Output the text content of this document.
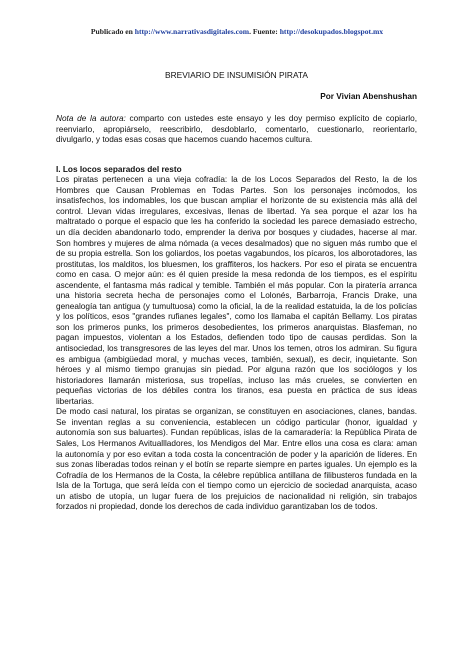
Publicado en http://www.narrativasdigitales.com. Fuente: http://desokupados.blogspot.mx
BREVIARIO DE INSUMISIÓN PIRATA
Por Vivian Abenshushan

Nota de la autora: comparto con ustedes este ensayo y les doy permiso explícito de copiarlo, reenviarlo, apropiárselo, reescribirlo, desdoblarlo, comentarlo, cuestionarlo, reorientarlo, divulgarlo, y todas esas cosas que hacemos cuando hacemos cultura.

I. Los locos separados del resto

Los piratas pertenecen a una vieja cofradía: la de los Locos Separados del Resto, la de los Hombres que Causan Problemas en Todas Partes. Son los personajes incómodos, los insatisfechos, los indomables, los que buscan ampliar el horizonte de su existencia más allá del control. Llevan vidas irregulares, excesivas, llenas de libertad. Ya sea porque el azar los ha maltratado o porque el espacio que les ha conferido la sociedad les parece demasiado estrecho, un día deciden abandonarlo todo, emprender la deriva por bosques y ciudades, hacerse al mar. Son hombres y mujeres de alma nómada (a veces desalmados) que no siguen más rumbo que el de su propia estrella. Son los goliardos, los poetas vagabundos, los pícaros, los alborotadores, las prostitutas, los malditos, los bluesmen, los graffiteros, los hackers. Por eso el pirata se encuentra como en casa. O mejor aún: es él quien preside la mesa redonda de los tiempos, es el espíritu ascendente, el fantasma más radical y temible. También el más popular. Con la piratería arranca una historia secreta hecha de personajes como el Lolonés, Barbarroja, Francis Drake, una genealogía tan antigua (y tumultuosa) como la oficial, la de la realidad estatuida, la de los policías y los políticos, esos "grandes rufianes legales", como los llamaba el capitán Bellamy. Los piratas son los primeros punks, los primeros desobedientes, los primeros anarquistas. Blasfeman, no pagan impuestos, violentan a los Estados, defienden todo tipo de causas perdidas. Son la antisociedad, los transgresores de las leyes del mar. Unos los temen, otros los admiran. Su figura es ambigua (ambigüedad moral, y muchas veces, también, sexual), es decir, inquietante. Son héroes y al mismo tiempo granujas sin piedad. Por alguna razón que los sociólogos y los historiadores llamarán misteriosa, sus tropelías, incluso las más crueles, se convierten en pequeñas victorias de los débiles contra los tiranos, esa puesta en práctica de sus ideas libertarias.

De modo casi natural, los piratas se organizan, se constituyen en asociaciones, clanes, bandas. Se inventan reglas a su conveniencia, establecen un código particular (honor, igualdad y autonomía son sus baluartes). Fundan repúblicas, islas de la camaradería: la República Pirata de Sales, Los Hermanos Avituallladores, los Mendigos del Mar. Entre ellos una cosa es clara: aman la autonomía y por eso evitan a toda costa la concentración de poder y la aparición de líderes. En sus zonas liberadas todos reinan y el botín se reparte siempre en partes iguales. Un ejemplo es la Cofradía de los Hermanos de la Costa, la célebre república antillana de filibusteros fundada en la Isla de la Tortuga, que será leída con el tiempo como un ejercicio de sociedad anarquista, acaso un atisbo de utopía, un lugar fuera de los prejuicios de nacionalidad ni religión, sin trabajos forzados ni propiedad, donde los derechos de cada individuo garantizaban los de todos.
